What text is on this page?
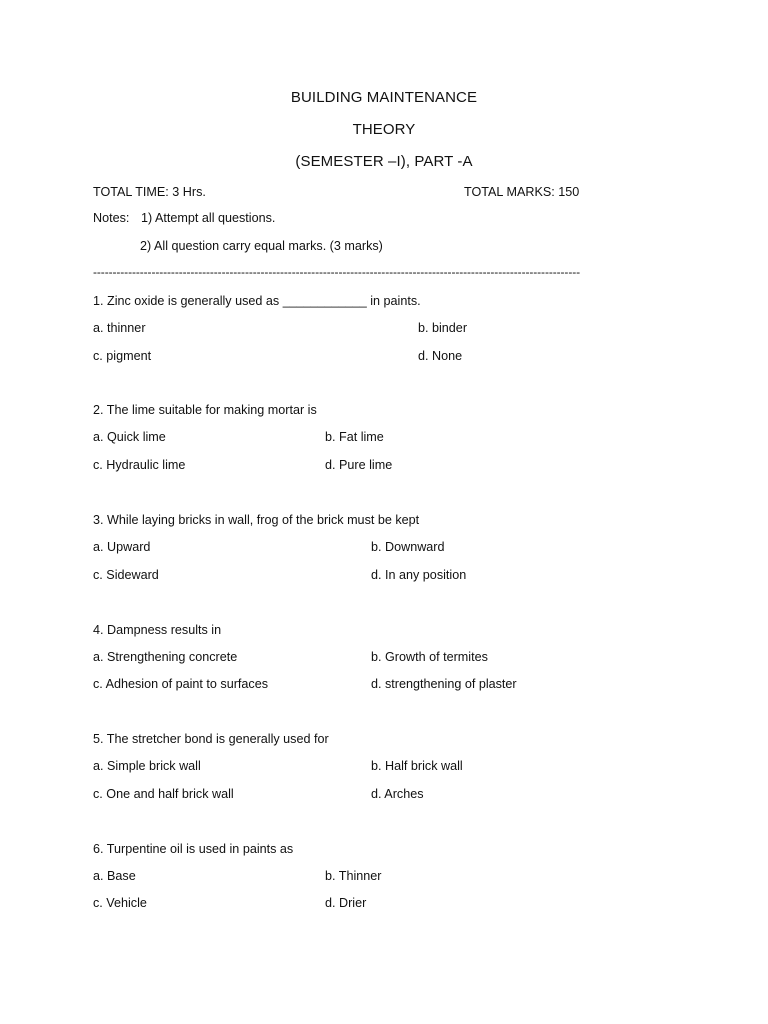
BUILDING MAINTENANCE
THEORY
(SEMESTER –I), PART -A
TOTAL TIME: 3 Hrs.	TOTAL MARKS: 150
Notes: 1) Attempt all questions.
2) All question carry equal marks. (3 marks)
-----------------------------------------------------------------------------------------------------------------------------
1. Zinc oxide is generally used as ____________ in paints.
a. thinner	b. binder
c. pigment	d. None
2. The lime suitable for making mortar is
a. Quick lime	b. Fat lime
c. Hydraulic lime	d. Pure lime
3. While laying bricks in wall, frog of the brick must be kept
a. Upward	b. Downward
c. Sideward	d. In any position
4. Dampness results in
a. Strengthening concrete	b. Growth of termites
c. Adhesion of paint to surfaces	d. strengthening of plaster
5. The stretcher bond is generally used for
a. Simple brick wall	b. Half brick wall
c. One and half brick wall	d. Arches
6. Turpentine oil is used in paints as
a. Base	b. Thinner
c. Vehicle	d. Drier
